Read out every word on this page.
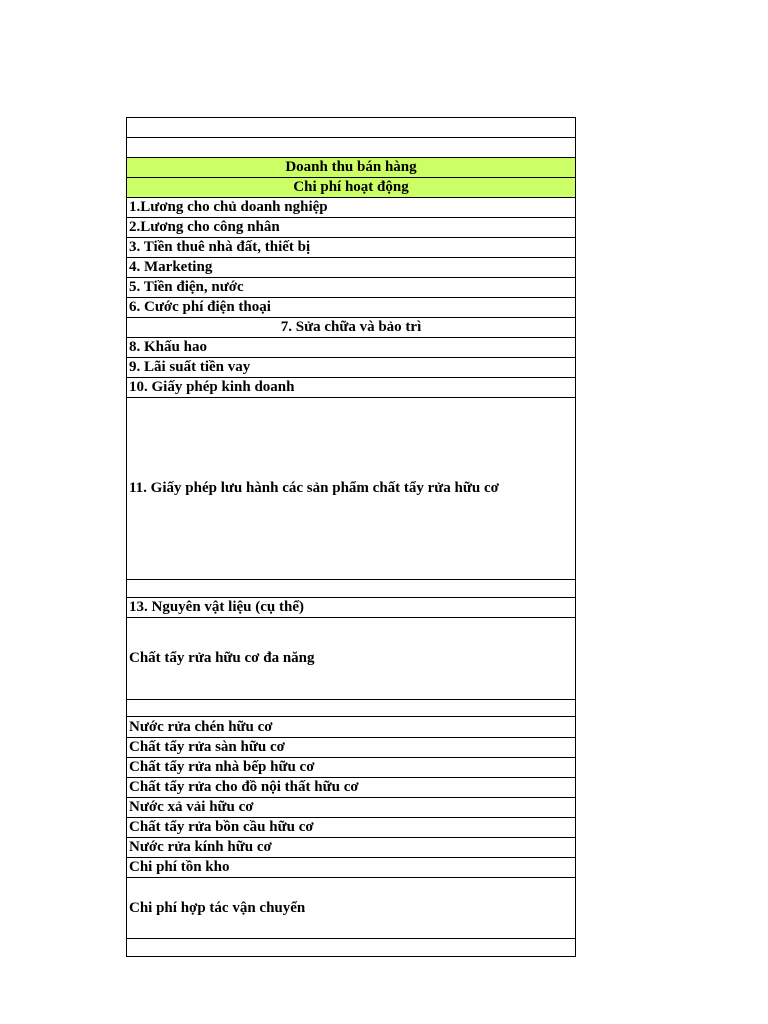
Doanh thu bán hàng
Chi phí hoạt động
1.Lương cho chủ doanh nghiệp
2.Lương cho công nhân
3. Tiền thuê nhà đất, thiết bị
4. Marketing
5. Tiền điện, nước
6. Cước phí điện thoại
7. Sửa chữa và bảo trì
8. Khấu hao
9. Lãi suất tiền vay
10. Giấy phép kinh doanh
11. Giấy phép lưu hành các sản phẩm chất tẩy rửa hữu cơ
13. Nguyên vật liệu (cụ thể)
Chất tẩy rửa hữu cơ đa năng
Nước rửa chén hữu cơ
Chất tẩy rửa sàn hữu cơ
Chất tẩy rửa nhà bếp hữu cơ
Chất tẩy rửa cho đồ nội thất hữu cơ
Nước xả vải hữu cơ
Chất tẩy rửa bồn cầu hữu cơ
Nước rửa kính hữu cơ
Chi phí tồn kho
Chi phí hợp tác vận chuyển
